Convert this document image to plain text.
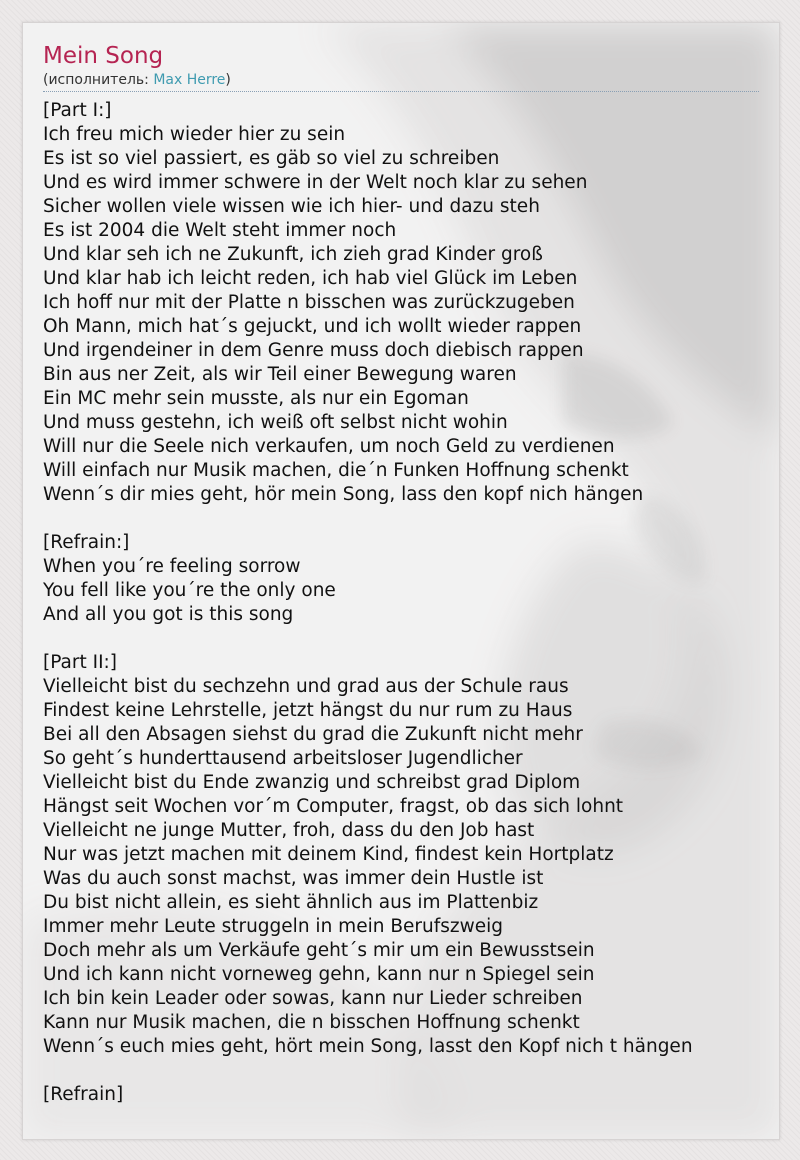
Mein Song
(исполнитель: Max Herre)
[Part I:]
Ich freu mich wieder hier zu sein
Es ist so viel passiert, es gäb so viel zu schreiben
Und es wird immer schwere in der Welt noch klar zu sehen
Sicher wollen viele wissen wie ich hier- und dazu steh
Es ist 2004 die Welt steht immer noch
Und klar seh ich ne Zukunft, ich zieh grad Kinder groß
Und klar hab ich leicht reden, ich hab viel Glück im Leben
Ich hoff nur mit der Platte n bisschen was zurückzugeben
Oh Mann, mich hat´s gejuckt, und ich wollt wieder rappen
Und irgendeiner in dem Genre muss doch diebisch rappen
Bin aus ner Zeit, als wir Teil einer Bewegung waren
Ein MC mehr sein musste, als nur ein Egoman
Und muss gestehn, ich weiß oft selbst nicht wohin
Will nur die Seele nich verkaufen, um noch Geld zu verdienen
Will einfach nur Musik machen, die´n Funken Hoffnung schenkt
Wenn´s dir mies geht, hör mein Song, lass den kopf nich hängen
[Refrain:]
When you´re feeling sorrow
You fell like you´re the only one
And all you got is this song
[Part II:]
Vielleicht bist du sechzehn und grad aus der Schule raus
Findest keine Lehrstelle, jetzt hängst du nur rum zu Haus
Bei all den Absagen siehst du grad die Zukunft nicht mehr
So geht´s hunderttausend arbeitsloser Jugendlicher
Vielleicht bist du Ende zwanzig und schreibst grad Diplom
Hängst seit Wochen vor´m Computer, fragst, ob das sich lohnt
Vielleicht ne junge Mutter, froh, dass du den Job hast
Nur was jetzt machen mit deinem Kind, findest kein Hortplatz
Was du auch sonst machst, was immer dein Hustle ist
Du bist nicht allein, es sieht ähnlich aus im Plattenbiz
Immer mehr Leute struggeln in mein Berufszweig
Doch mehr als um Verkäufe geht´s mir um ein Bewusstsein
Und ich kann nicht vorneweg gehn, kann nur n Spiegel sein
Ich bin kein Leader oder sowas, kann nur Lieder schreiben
Kann nur Musik machen, die n bisschen Hoffnung schenkt
Wenn´s euch mies geht, hört mein Song, lasst den Kopf nich t hängen
[Refrain]
